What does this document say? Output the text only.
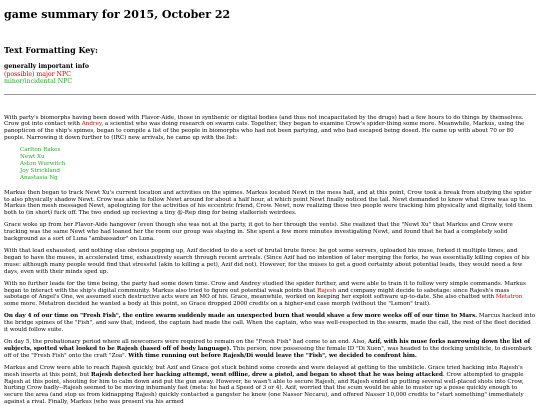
game summary for 2015, October 22
Text Formatting Key:
generally important info
(possible) major NPC
minor/incidental NPC

With party's biomorphs having been dosed with Flavor-Aide, those in synthenic or digital bodies (and thus not incapacitated by the drugs) had a few hours to do things by themselves. Crow got into contact with Andrey, a scientist who was doing research on swarm cats. Together, they began to examine Crow's spider-thing some more. Meanwhile, Markus, using the panopticon of the ship's spimes, began to compile a list of the people in biomorphs who had not been partying, and who had escaped being dosed. He came up with about 70 or 80 people. Narrowing it down further to (IRC) new arrivals, he came up with the list:

Carlton Rakes
Newt Xu
Aston Wurwitch
Joy Strickland
Anastasia Ng

Markus then began to track Newt Xu's current location and activities on the spimes. Markus located Newt in the mess hall, and at this point, Crow took a break from studying the spider to also physically shadow Newt. Crow was able to follow Newt around for about a half hour, at which point Newt finally noticed the tail. Newt demanded to know what Crow was up to. Markus then mesh messaged Newt, apologizing for the activities of his eccentric friend, Crow. Newt, now realizing these two people were tracking him physically and digitally, told them both to (in short) fuck off. The two ended up recieving a tiny @-Rep ding for being stalkerish weirdoes.

Grace woke up from her Flavor-Aide hangover (even though she was not at the party, it got to her through the vents). She realized that the "Newt Xu" that Markus and Crow were tracking was the same Newt who had loaned her the room our group was staying in. She spent a few more minutes investigating Newt, and found that he had a completely solid background as a sort of Luna "ambassador" on Luna.

With that lead exhausted, and nothing else obvious popping up, Azif decided to do a sort of brutal brute force: he got some servers, uploaded his muse, forked it multiple times, and began to have the muses, in accelerated time, exhaustively search through recent arrivals. (Since Azif had no intention of later merging the forks, he was essentially killing copies of his muse: although many people would find that stressful (akin to killing a pet), Azif did not). However, for the muses to get a good certainty about potential leads, they would need a few days, even with their minds sped up.

With no further leads for the time being, the party had some down time. Crow and Andrey studied the spider further, and were able to train it to follow very simple commands. Markus began to interact with the ship's digital community. Markus also tried to figure out potential weak points that Rajesh and company might decide to sabotage: since Rajesh's mass sabotage of Angel's One, we assumed such destructive acts were an MO of his. Grace, meanwhile, worked on keeping her exploit software up-to-date. She also chatted with Metatron some more. Metatron decided he wanted a body at this point, so Grace dropped 2000 credits on a higher-end case morph (without the "Lemon" trait).

On day 4 of our time on "Fresh Fish", the entire swarm suddenly made an unexpected burn that would shave a few more weeks off of our time to Mars. Marcus hacked into the bridge spimes of the "Fish", and saw that, indeed, the captain had made the call. When the captain, who was well-respected in the swarm, made the call, the rest of the fleet decided it would follow suite.

On day 5, the probationary period where all newcomers were required to remain on the "Fresh Fish" had come to an end. Also, Azif, with his muse forks narrowing down the list of subjects, spotted what looked to be Rajesh (based off of body language). This person, now possessing the female ID "Di Xuen", was headed to the docking umbilicle, to disembark off of the "Fresh Fish" onto the craft "Zoa". With time running out before Rajesh/Di would leave the "Fish", we decided to confront him.

Markus and Crow were able to reach Rajesh quickly, but Azif and Grace got stuck behind some crowds and were delayed at getting to the umbilicle. Grace tried hacking into Rajesh's mesh inserts at this point, but Rajesh detected her hacking attempt, went offline, drew a pistol, and began to shoot that he was being attacked. Crow attempted to grapple Rajesh at this point, shouting for him to calm down and put the gun away. However, he wasn't able to secure Rajesh, and Rajesh ended up putting several well-placed shots into Crow, hurting Crow badly--Rajesh seemed to be moving inhumanly fast (meta: he had a Speed of 3 or 4). Azif, worried that the scum would be able to muster up a posse quickly enough to secure the area (and stop us from kidnapping Rajesh) quickly contacted a gangster he knew (one Nasser Necaru), and offered Nasser 10,000 credits to "start something" immediately against a rival. Finally, Markus (who was present via his armed
